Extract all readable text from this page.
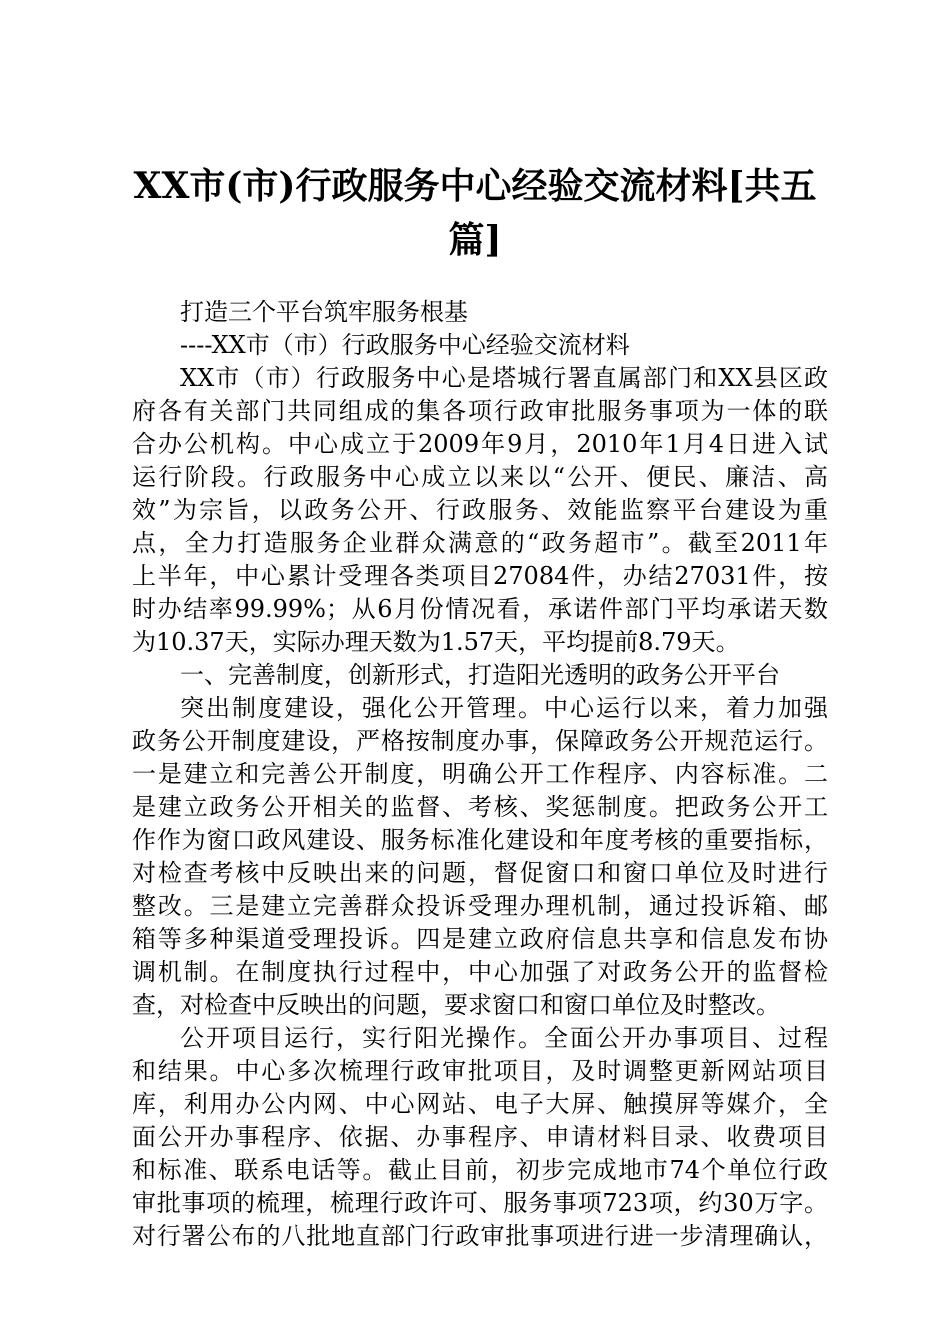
XX市(市)行政服务中心经验交流材料[共五
篇]
打造三个平台筑牢服务根基
----XX市（市）行政服务中心经验交流材料
XX市（市）行政服务中心是塔城行署直属部门和XX县区政
府各有关部门共同组成的集各项行政审批服务事项为一体的联
合办公机构。中心成立于2009年9月，2010年1月4日进入试
运行阶段。行政服务中心成立以来以“公开、便民、廉洁、高
效”为宗旨，以政务公开、行政服务、效能监察平台建设为重
点，全力打造服务企业群众满意的“政务超市”。截至2011年
上半年，中心累计受理各类项目27084件，办结27031件，按
时办结率99.99%；从6月份情况看，承诺件部门平均承诺天数
为10.37天，实际办理天数为1.57天，平均提前8.79天。
一、完善制度，创新形式，打造阳光透明的政务公开平台
突出制度建设，强化公开管理。中心运行以来，着力加强
政务公开制度建设，严格按制度办事，保障政务公开规范运行。
一是建立和完善公开制度，明确公开工作程序、内容标准。二
是建立政务公开相关的监督、考核、奖惩制度。把政务公开工
作作为窗口政风建设、服务标准化建设和年度考核的重要指标，
对检查考核中反映出来的问题，督促窗口和窗口单位及时进行
整改。三是建立完善群众投诉受理办理机制，通过投诉箱、邮
箱等多种渠道受理投诉。四是建立政府信息共享和信息发布协
调机制。在制度执行过程中，中心加强了对政务公开的监督检
查，对检查中反映出的问题，要求窗口和窗口单位及时整改。
公开项目运行，实行阳光操作。全面公开办事项目、过程
和结果。中心多次梳理行政审批项目，及时调整更新网站项目
库，利用办公内网、中心网站、电子大屏、触摸屏等媒介，全
面公开办事程序、依据、办事程序、申请材料目录、收费项目
和标准、联系电话等。截止目前，初步完成地市74个单位行政
审批事项的梳理，梳理行政许可、服务事项723项，约30万字。
对行署公布的八批地直部门行政审批事项进行进一步清理确认，
